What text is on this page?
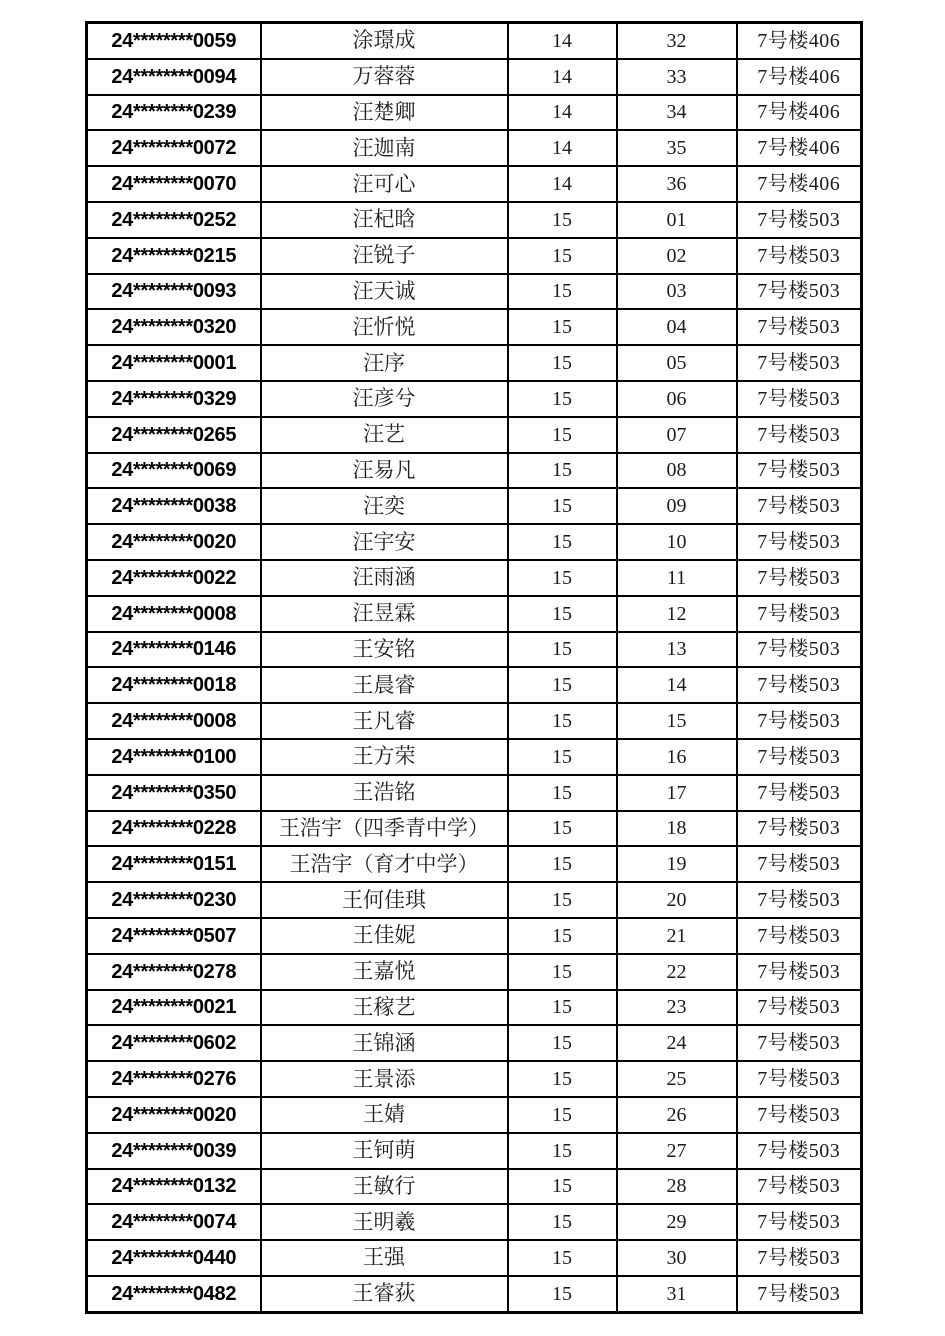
24********0059	涂璟成	14	32	7号楼406
24********0094	万蓉蓉	14	33	7号楼406
24********0239	汪楚卿	14	34	7号楼406
24********0072	汪迦南	14	35	7号楼406
24********0070	汪可心	14	36	7号楼406
24********0252	汪杞晗	15	01	7号楼503
24********0215	汪锐子	15	02	7号楼503
24********0093	汪天诚	15	03	7号楼503
24********0320	汪忻悦	15	04	7号楼503
24********0001	汪序	15	05	7号楼503
24********0329	汪彦兮	15	06	7号楼503
24********0265	汪艺	15	07	7号楼503
24********0069	汪易凡	15	08	7号楼503
24********0038	汪奕	15	09	7号楼503
24********0020	汪宇安	15	10	7号楼503
24********0022	汪雨涵	15	11	7号楼503
24********0008	汪昱霖	15	12	7号楼503
24********0146	王安铭	15	13	7号楼503
24********0018	王晨睿	15	14	7号楼503
24********0008	王凡睿	15	15	7号楼503
24********0100	王方荣	15	16	7号楼503
24********0350	王浩铭	15	17	7号楼503
24********0228	王浩宇（四季青中学）	15	18	7号楼503
24********0151	王浩宇（育才中学）	15	19	7号楼503
24********0230	王何佳琪	15	20	7号楼503
24********0507	王佳妮	15	21	7号楼503
24********0278	王嘉悦	15	22	7号楼503
24********0021	王稼艺	15	23	7号楼503
24********0602	王锦涵	15	24	7号楼503
24********0276	王景添	15	25	7号楼503
24********0020	王婧	15	26	7号楼503
24********0039	王钶萌	15	27	7号楼503
24********0132	王敏行	15	28	7号楼503
24********0074	王明羲	15	29	7号楼503
24********0440	王强	15	30	7号楼503
24********0482	王睿荻	15	31	7号楼503
